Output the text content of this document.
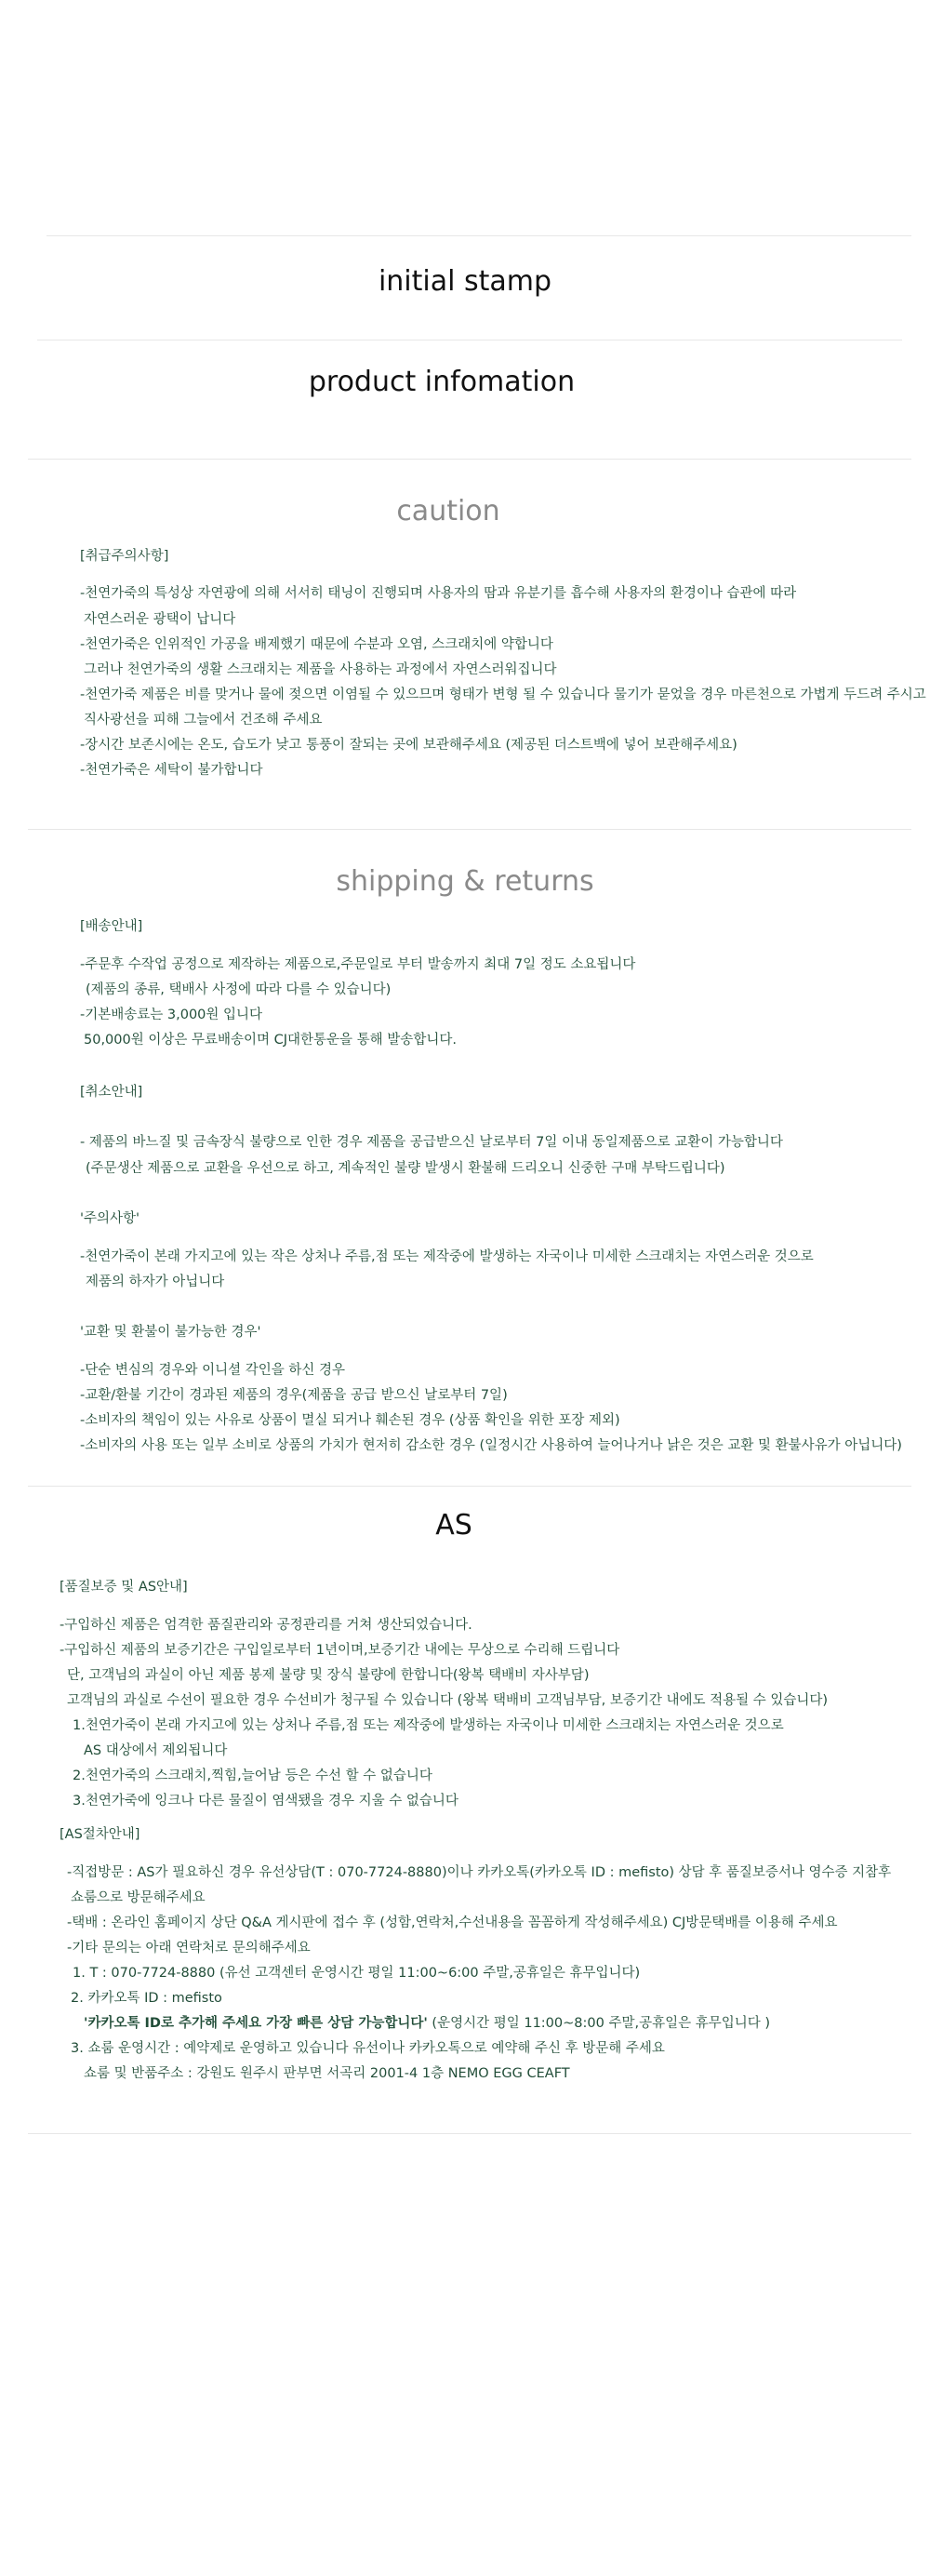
initial stamp
product infomation
caution
shipping & returns
AS
[취급주의사항]
-천연가죽의 특성상 자연광에 의해 서서히 태닝이 진행되며 사용자의 땀과 유분기를 흡수해 사용자의 환경이나 습관에 따라
자연스러운 광택이 납니다
-천연가죽은 인위적인 가공을 배제했기 때문에 수분과 오염, 스크래치에 약합니다
그러나 천연가죽의 생활 스크래치는 제품을 사용하는 과정에서 자연스러워집니다
-천연가죽 제품은 비를 맞거나 물에 젖으면 이염될 수 있으므며 형태가 변형 될 수 있습니다 물기가 묻었을 경우 마른천으로 가볍게 두드려 주시고
직사광선을 피해 그늘에서 건조해 주세요
-장시간 보존시에는 온도, 습도가 낮고 통풍이 잘되는 곳에 보관해주세요 (제공된 더스트백에 넣어 보관해주세요)
-천연가죽은 세탁이 불가합니다
[배송안내]
-주문후 수작업 공정으로 제작하는 제품으로,주문일로 부터 발송까지 최대 7일 정도 소요됩니다
(제품의 종류, 택배사 사정에 따라 다를 수 있습니다)
-기본배송료는 3,000원 입니다
50,000원 이상은 무료배송이며 CJ대한통운을 통해 발송합니다.
[취소안내]
- 제품의 바느질 및 금속장식 불량으로 인한 경우 제품을 공급받으신 날로부터 7일 이내 동일제품으로 교환이 가능합니다
(주문생산 제품으로 교환을 우선으로 하고, 계속적인 불량 발생시 환불해 드리오니 신중한 구매 부탁드립니다)
'주의사항'
-천연가죽이 본래 가지고에 있는 작은 상처나 주름,점 또는 제작중에 발생하는 자국이나 미세한 스크래치는 자연스러운 것으로
제품의 하자가 아닙니다
'교환 및 환불이 불가능한 경우'
-단순 변심의 경우와 이니셜 각인을 하신 경우
-교환/환불 기간이 경과된 제품의 경우(제품을 공급 받으신 날로부터 7일)
-소비자의 책임이 있는 사유로 상품이 멸실 되거나 훼손된 경우 (상품 확인을 위한 포장 제외)
-소비자의 사용 또는 일부 소비로 상품의 가치가 현저히 감소한 경우 (일정시간 사용하여 늘어나거나 낡은 것은 교환 및 환불사유가 아닙니다)
[품질보증 및 AS안내]
-구입하신 제품은 엄격한 품질관리와 공정관리를 거쳐 생산되었습니다.
-구입하신 제품의 보증기간은 구입일로부터 1년이며,보증기간 내에는 무상으로 수리해 드립니다
단, 고객님의 과실이 아닌 제품 봉제 불량 및 장식 불량에 한합니다(왕복 택배비 자사부담)
고객님의 과실로 수선이 필요한 경우 수선비가 청구될 수 있습니다 (왕복 택배비 고객님부담, 보증기간 내에도 적용될 수 있습니다)
1.천연가죽이 본래 가지고에 있는 상처나 주름,점 또는 제작중에 발생하는 자국이나 미세한 스크래치는 자연스러운 것으로
AS 대상에서 제외됩니다
2.천연가죽의 스크래치,찍힘,늘어남 등은 수선 할 수 없습니다
3.천연가죽에 잉크나 다른 물질이 염색됐을 경우 지울 수 없습니다
[AS절차안내]
-직접방문 : AS가 필요하신 경우 유선상담(T : 070-7724-8880)이나 카카오톡(카카오톡 ID : mefisto) 상담 후 품질보증서나 영수증 지참후
쇼룸으로 방문해주세요
-택배 : 온라인 홈페이지 상단 Q&A 게시판에 접수 후 (성함,연락처,수선내용을 꼼꼼하게 작성해주세요) CJ방문택배를 이용해 주세요
-기타 문의는 아래 연락처로 문의해주세요
1. T : 070-7724-8880 (유선 고객센터 운영시간 평일 11:00~6:00 주말,공휴일은 휴무입니다)
2. 카카오톡 ID : mefisto
'카카오톡 ID로 추가해 주세요 가장 빠른 상담 가능합니다' (운영시간 평일 11:00~8:00 주말,공휴일은 휴무입니다 )
3. 쇼룸 운영시간 : 예약제로 운영하고 있습니다 유선이나 카카오톡으로 예약해 주신 후 방문해 주세요
쇼룸 및 반품주소 : 강원도 원주시 판부면 서곡리 2001-4 1층 NEMO EGG CEAFT
